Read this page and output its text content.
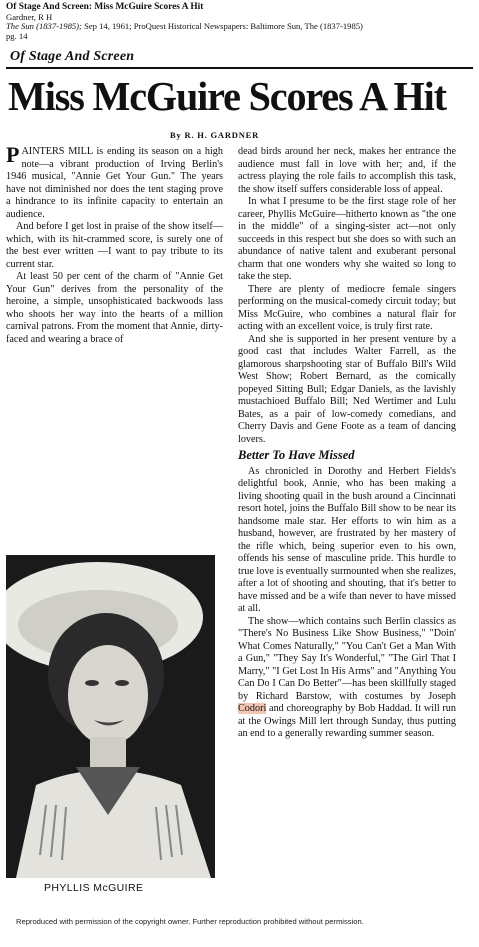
Of Stage And Screen: Miss McGuire Scores A Hit
Gardner, R H
The Sun (1837-1985); Sep 14, 1961; ProQuest Historical Newspapers: Baltimore Sun, The (1837-1985)
pg. 14
Of Stage And Screen
Miss McGuire Scores A Hit
By R. H. GARDNER

PAINTERS MILL is ending its season on a high note—a vibrant production of Irving Berlin's 1946 musical, "Annie Get Your Gun." The years have not diminished nor does the tent staging prove a hindrance to its infinite capacity to entertain an audience.

And before I get lost in praise of the show itself—which, with its hit-crammed score, is surely one of the best ever written —I want to pay tribute to its current star.

At least 50 per cent of the charm of "Annie Get Your Gun" derives from the personality of the heroine, a simple, unsophisticated backwoods lass who shoots her way into the hearts of a million carnival patrons. From the moment that Annie, dirty-faced and wearing a brace of

PHYLLIS McGUIRE

dead birds around her neck, makes her entrance the audience must fall in love with her; and, if the actress playing the role fails to accomplish this task, the show itself suffers considerable loss of appeal.

In what I presume to be the first stage role of her career, Phyllis McGuire—hitherto known as "the one in the middle" of a singing-sister act—not only succeeds in this respect but she does so with such an abundance of native talent and exuberant personal charm that one wonders why she waited so long to take the step.

There are plenty of mediocre female singers performing on the musical-comedy circuit today; but Miss McGuire, who combines a natural flair for acting with an excellent voice, is truly first rate.

And she is supported in her present venture by a good cast that includes Walter Farrell, as the glamorous sharpshooting star of Buffalo Bill's Wild West Show; Robert Bernard, as the comically popeyed Sitting Bull; Edgar Daniels, as the lavishly mustachioed Buffalo Bill; Ned Wertimer and Lulu Bates, as a pair of low-comedy comedians, and Cherry Davis and Gene Foote as a team of dancing lovers.

Better To Have Missed

As chronicled in Dorothy and Herbert Fields's delightful book, Annie, who has been making a living shooting quail in the bush around a Cincinnati resort hotel, joins the Buffalo Bill show to be near its handsome male star. Her efforts to win him as a husband, however, are frustrated by her mastery of the rifle which, being superior even to his own, offends his sense of masculine pride. This hurdle to true love is eventually surmounted when she realizes, after a lot of shooting and shouting, that it's better to have missed and be a wife than never to have missed at all.

The show—which contains such Berlin classics as "There's No Business Like Show Business," "Doin' What Comes Naturally," "You Can't Get a Man With a Gun," "They Say It's Wonderful," "The Girl That I Marry," "I Get Lost In His Arms" and "Anything You Can Do I Can Do Better"—has been skillfully staged by Richard Barstow, with costumes by Joseph Codori and choreography by Bob Haddad. It will run at the Owings Mill lert through Sunday, thus putting an end to a generally rewarding summer season.

Reproduced with permission of the copyright owner. Further reproduction prohibited without permission.
